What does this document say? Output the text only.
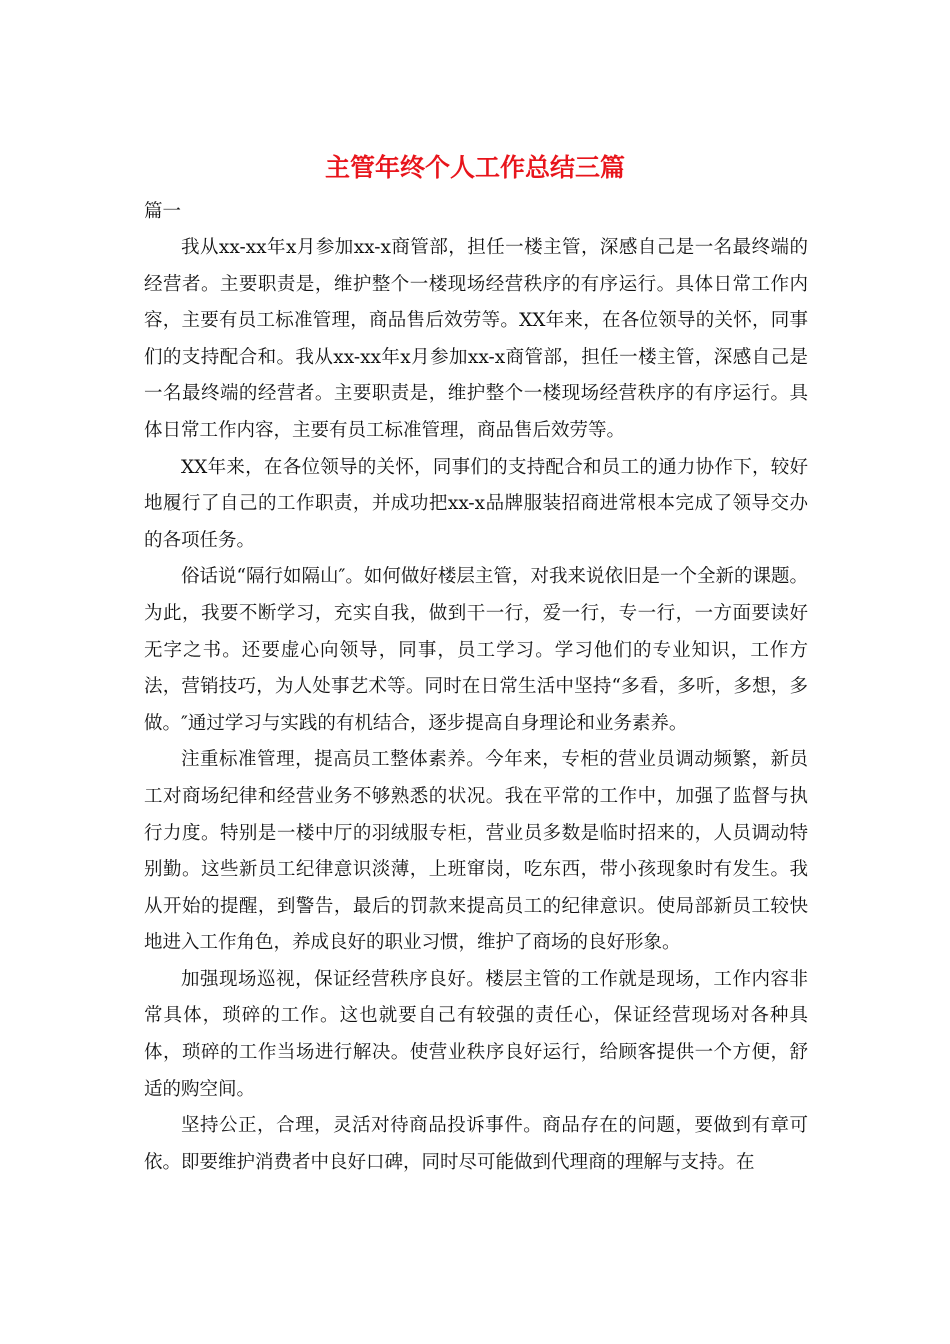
主管年终个人工作总结三篇
篇一

我从xx-xx年x月参加xx-x商管部，担任一楼主管，深感自己是一名最终端的经营者。主要职责是，维护整个一楼现场经营秩序的有序运行。具体日常工作内容，主要有员工标准管理，商品售后效劳等。XX年来，在各位领导的关怀，同事们的支持配合和。我从xx-xx年x月参加xx-x商管部，担任一楼主管，深感自己是一名最终端的经营者。主要职责是，维护整个一楼现场经营秩序的有序运行。具体日常工作内容，主要有员工标准管理，商品售后效劳等。

XX年来，在各位领导的关怀，同事们的支持配合和员工的通力协作下，较好地履行了自己的工作职责，并成功把xx-x品牌服装招商进常根本完成了领导交办的各项任务。

俗话说“隔行如隔山″。如何做好楼层主管，对我来说依旧是一个全新的课题。为此，我要不断学习，充实自我，做到干一行，爱一行，专一行，一方面要读好无字之书。还要虚心向领导，同事，员工学习。学习他们的专业知识，工作方法，营销技巧，为人处事艺术等。同时在日常生活中坚持“多看，多听，多想，多做。″通过学习与实践的有机结合，逐步提高自身理论和业务素养。

注重标准管理，提高员工整体素养。今年来，专柜的营业员调动频繁，新员工对商场纪律和经营业务不够熟悉的状况。我在平常的工作中，加强了监督与执行力度。特别是一楼中厅的羽绒服专柜，营业员多数是临时招来的，人员调动特别勤。这些新员工纪律意识淡薄，上班窜岗，吃东西，带小孩现象时有发生。我从开始的提醒，到警告，最后的罚款来提高员工的纪律意识。使局部新员工较快地进入工作角色，养成良好的职业习惯，维护了商场的良好形象。

加强现场巡视，保证经营秩序良好。楼层主管的工作就是现场，工作内容非常具体，琐碎的工作。这也就要自己有较强的责任心，保证经营现场对各种具体，琐碎的工作当场进行解决。使营业秩序良好运行，给顾客提供一个方便，舒适的购空间。

坚持公正，合理，灵活对待商品投诉事件。商品存在的问题，要做到有章可依。即要维护消费者中良好口碑，同时尽可能做到代理商的理解与支持。在
